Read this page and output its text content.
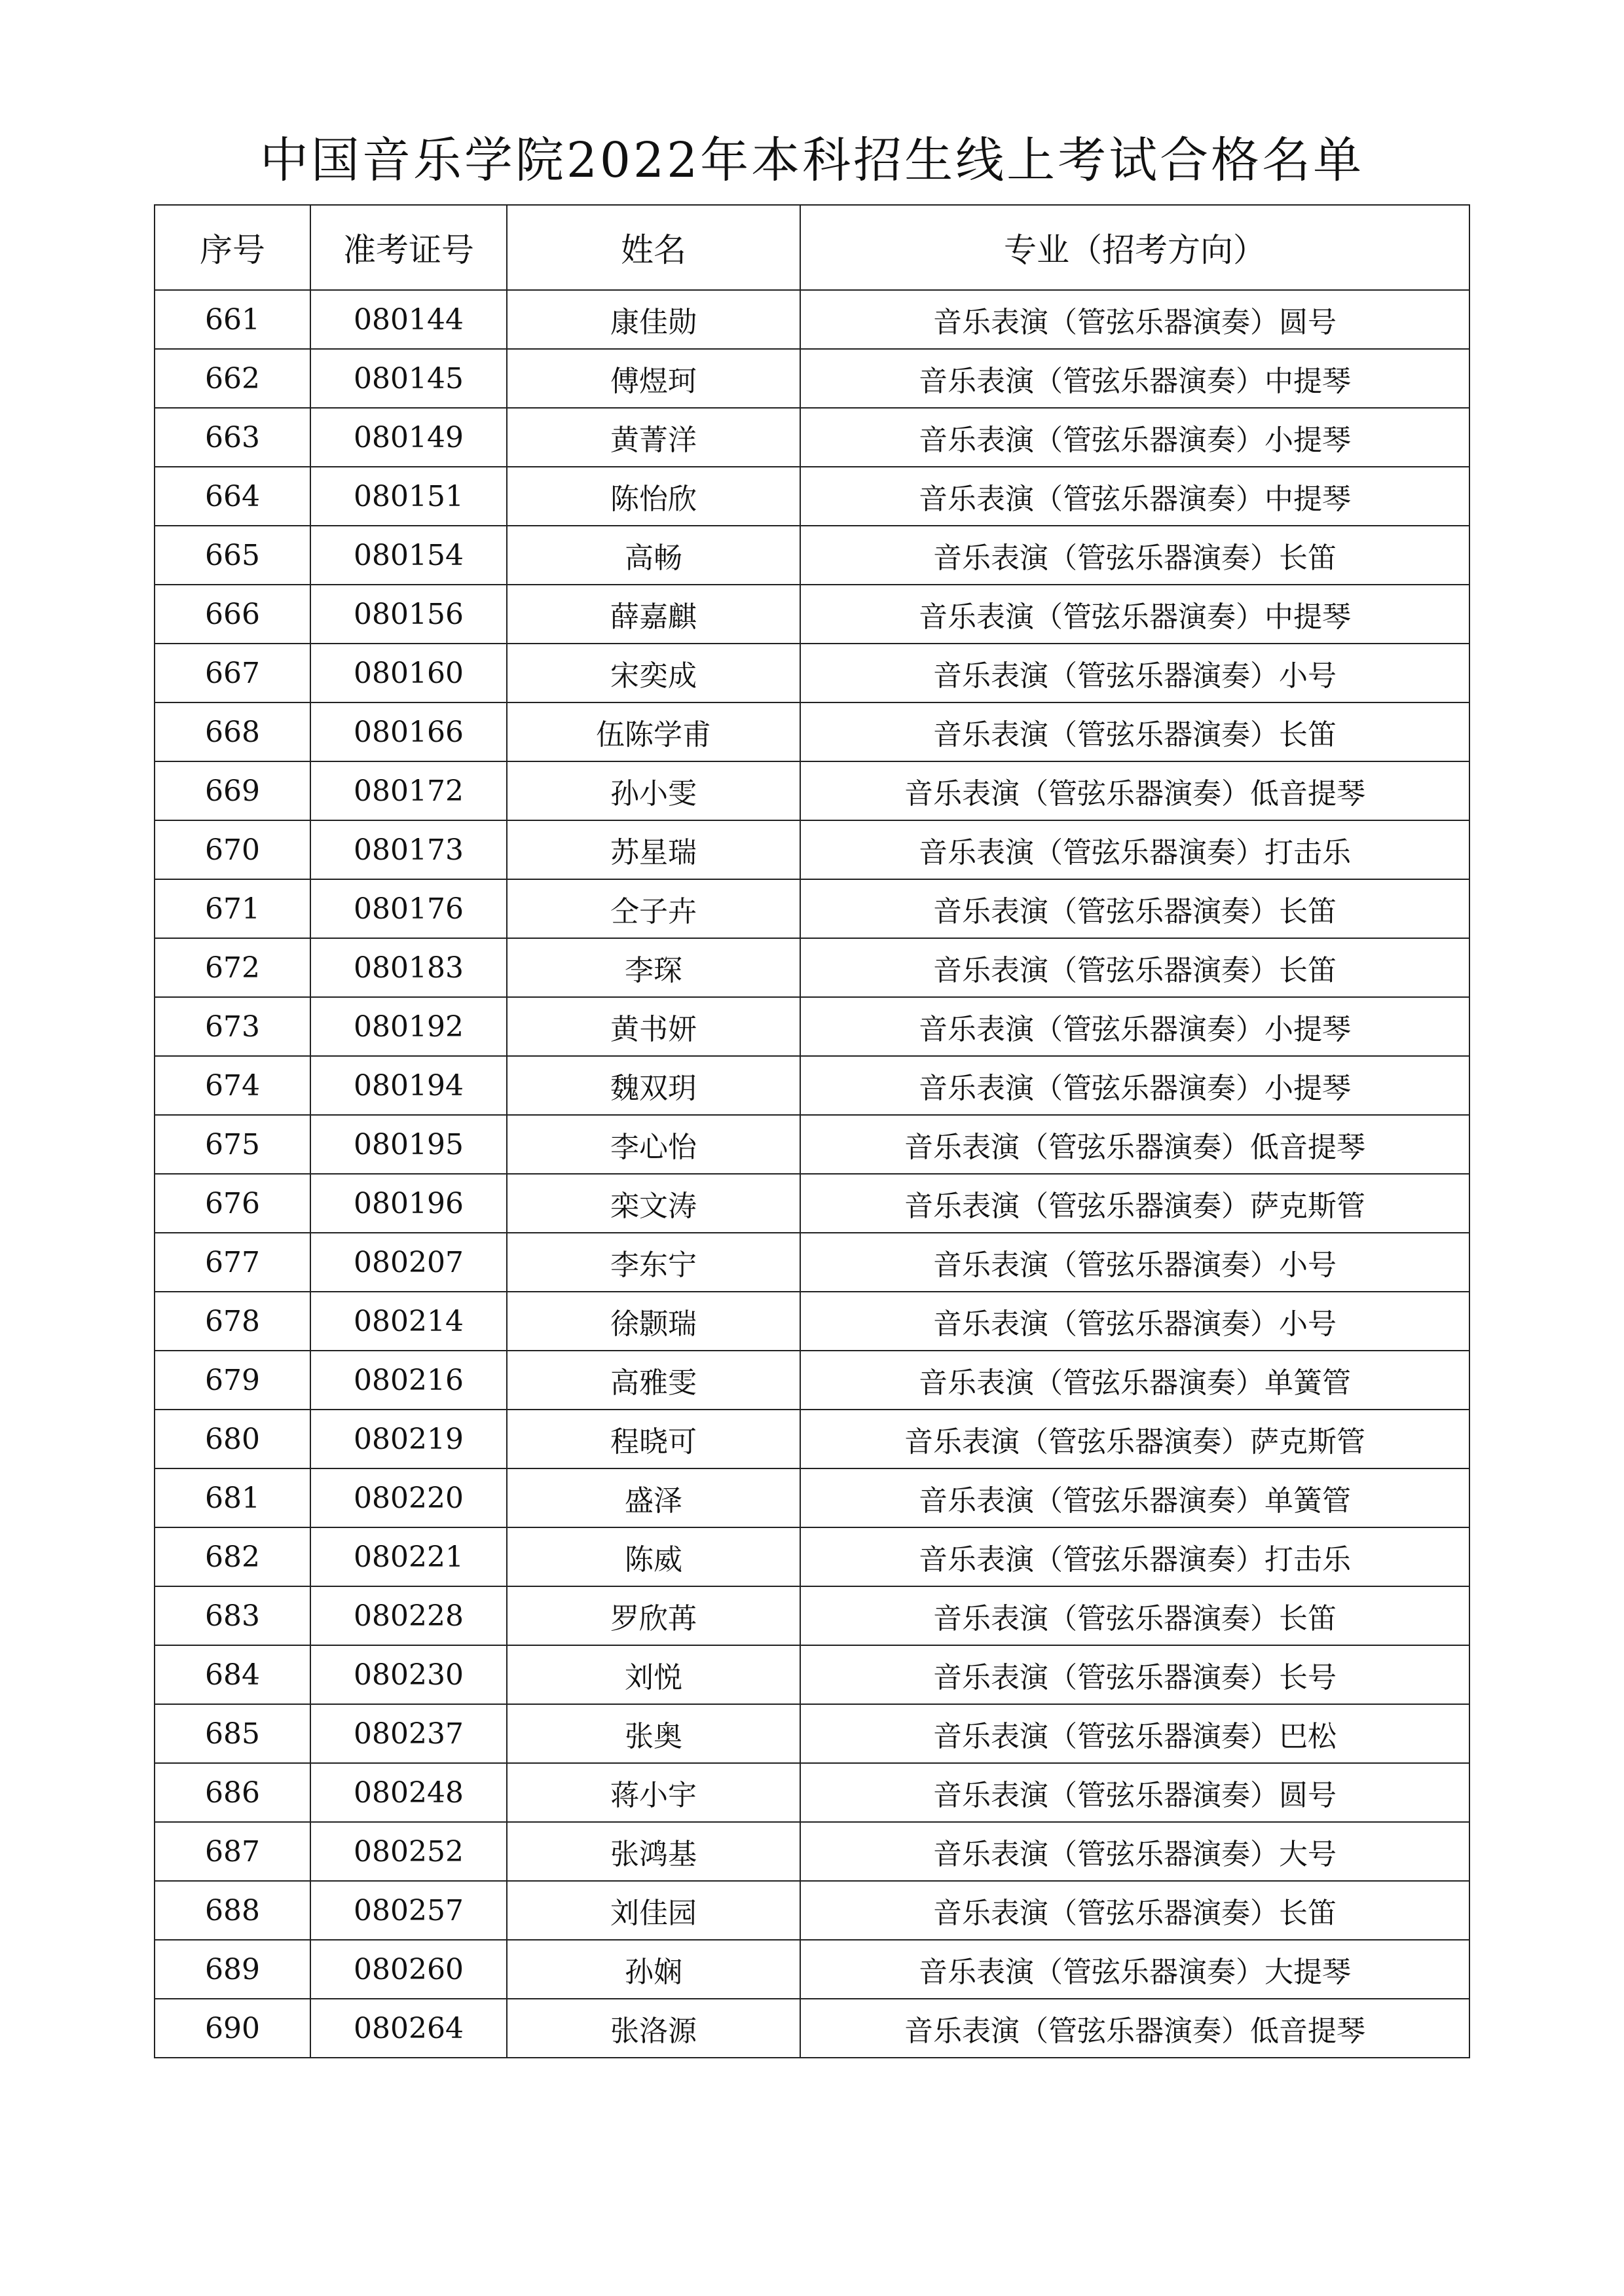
中国音乐学院2022年本科招生线上考试合格名单
序号	准考证号	姓名	专业（招考方向）
661	080144	康佳勋	音乐表演（管弦乐器演奏）圆号
662	080145	傅煜珂	音乐表演（管弦乐器演奏）中提琴
663	080149	黄菁洋	音乐表演（管弦乐器演奏）小提琴
664	080151	陈怡欣	音乐表演（管弦乐器演奏）中提琴
665	080154	高畅	音乐表演（管弦乐器演奏）长笛
666	080156	薛嘉麒	音乐表演（管弦乐器演奏）中提琴
667	080160	宋奕成	音乐表演（管弦乐器演奏）小号
668	080166	伍陈学甫	音乐表演（管弦乐器演奏）长笛
669	080172	孙小雯	音乐表演（管弦乐器演奏）低音提琴
670	080173	苏星瑞	音乐表演（管弦乐器演奏）打击乐
671	080176	仝子卉	音乐表演（管弦乐器演奏）长笛
672	080183	李琛	音乐表演（管弦乐器演奏）长笛
673	080192	黄书妍	音乐表演（管弦乐器演奏）小提琴
674	080194	魏双玥	音乐表演（管弦乐器演奏）小提琴
675	080195	李心怡	音乐表演（管弦乐器演奏）低音提琴
676	080196	栾文涛	音乐表演（管弦乐器演奏）萨克斯管
677	080207	李东宁	音乐表演（管弦乐器演奏）小号
678	080214	徐颢瑞	音乐表演（管弦乐器演奏）小号
679	080216	高雅雯	音乐表演（管弦乐器演奏）单簧管
680	080219	程晓可	音乐表演（管弦乐器演奏）萨克斯管
681	080220	盛泽	音乐表演（管弦乐器演奏）单簧管
682	080221	陈威	音乐表演（管弦乐器演奏）打击乐
683	080228	罗欣苒	音乐表演（管弦乐器演奏）长笛
684	080230	刘悦	音乐表演（管弦乐器演奏）长号
685	080237	张奥	音乐表演（管弦乐器演奏）巴松
686	080248	蒋小宇	音乐表演（管弦乐器演奏）圆号
687	080252	张鸿基	音乐表演（管弦乐器演奏）大号
688	080257	刘佳园	音乐表演（管弦乐器演奏）长笛
689	080260	孙娴	音乐表演（管弦乐器演奏）大提琴
690	080264	张洛源	音乐表演（管弦乐器演奏）低音提琴
